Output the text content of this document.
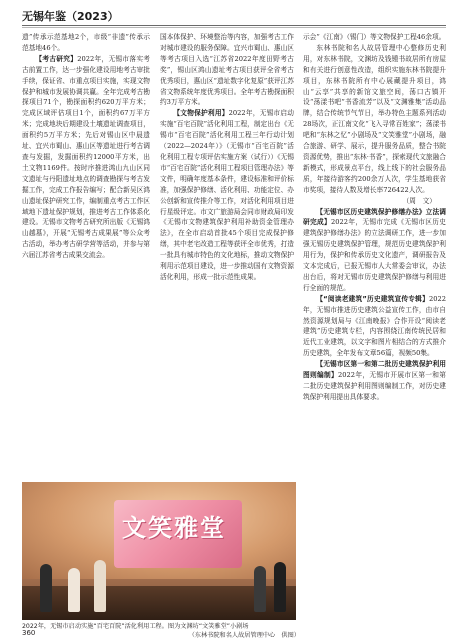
无锡年鉴（2023）

遗”传承示范基地2个，市级“非遗”传承示范基地46个。

【考古研究】2022年，无锡市落实考古前置工作，达一步强化建设用地考古审批手续，保证省、市重点项目实施，实现文物保护和城市发展协调共赢。全年完成考古勘探项目71个，勘探面积约620万平方米；完成区域评估项目1个，面积约67万平方米；完成地块后期建设土壤遗址调查项目，面积约5万平方米；先后对锡山区中晨遗址、宜兴市蜀山、惠山区等遗址进行考古调查与发掘，发掘面积约12000平方米，出土文物1169件。按时序推进鸿山九山区同文遗址与丹阳遗址地点的调查勘探与考古发掘工作，完成工作报告编写；配合新吴区鸿山遗址保护研究工作，编制重点考古工作区域地下遗址保护规划，推进考古工作体系化建设。无锡市文物考古研究所出版《无锡鸿山越墓》，开展“无锡考古成果展”等公众考古活动，举办考古研学营等活动，并参与第六届江苏省考古成果交流会。

国本体保护、环境整治等内容，加强考古工作对城市建设的服务保障。宜兴市蜀山、惠山区等考古项目入选“江苏省2022年度田野考古奖”，锡山区鸿山遗址考古项目获评全省考古优秀项目，惠山区“遗址数字化复原”获评江苏省文物系统年度优秀项目。全年考古勘探面积约3万平方米。

【文物保护利用】2022年，无锡市启动实施“百宅百院”活化利用工程，制定出台《无锡市“百宅百院”活化利用工程三年行动计划（2022—2024年）》（无锡市“百宅百院”活化利用工程专项评估实施方案（试行））《无锡市“百宅百院”活化利用工程项目管理办法》等文件，明确年度基本条件，建设标准和评价标准，加强保护修缮、活化利用、功能定位、办公创新和宣传推介等工作，对活化利用项目进行星级评定。市文广旅游局会同市财政局印发《无锡市文物建筑保护利用补助资金管理办法》，在全市启动首批45个项目完成保护修缮，其中老宅改造工程等获评全市优秀，打造一批具有城市特色的文化地标，推动文物保护利用示范项目建设，进一步推动国有文物资源活化利用，形成一批示范性成果。

示会”《江南》（锡门）等文物保护工程46余项。

东林书院和名人故居管理中心整修历史利用，对东林书院，文渊坊及钱锺书故居所有房屋和有关进行创意性改造，组织实施东林书院提升项目，东林书院所有中心展藏提升项目，鸿山“云享”共享的新馆文旅空间，荡口古镇开设“荡漾书吧”书香流芳”以及“文渊雅集”活动品牌，结合传统节气节日，举办特色主题系列活动28场次，正江南文化“飞入寻常百姓家”；荡漾书吧和“东林之忆”小剧场及“文笑雅堂”小剧场，融合旅游、研学、展示，提升服务品质，整合书院资源优势，推出“东林·书香”，探索现代文旅融合新模式，形成景点平台，线上线下的社会服务品质，年接待游客约200余万人次，学生基地获省市奖项，接待人数及增长率726422人次。

（周　文）

【无锡市区历史建筑保护修缮办法》立法调研完成】2022年，无锡市完成《无锡市区历史建筑保护修缮办法》的立法调研工作，进一步加强无锡历史建筑保护管理，规范历史建筑保护利用行为，保护和传承历史文化遗产，调研报告及文本完成后，已报无锡市人大常委会审议，办法出台后，将对无锡市历史建筑保护修缮与利用进行全面的规范。

【“阅读老建筑”历史建筑宣传专辑】2022年，无锡市推进历史建筑公益宣传工作，由市自然资源规划局与《江南晚报》合作开设“阅读老建筑”历史建筑专栏，内容围绕江南传统民居和近代工业建筑，以文字和图片相结合的方式推介历史建筑，全年发布文章56篇，视频50集。

【无锡市区第一和第二批历史建筑保护利用图则编制】2022年，无锡市开展市区第一和第二批历史建筑保护利用图则编制工作，对历史建筑保护利用提出具体要求。

文笑雅堂
2022年，无锡市启动实施“百宅百院”活化利用工程。图为文渊坊“文笑雅堂”小剧场
（东林书院和名人故居管理中心　供图）
360
